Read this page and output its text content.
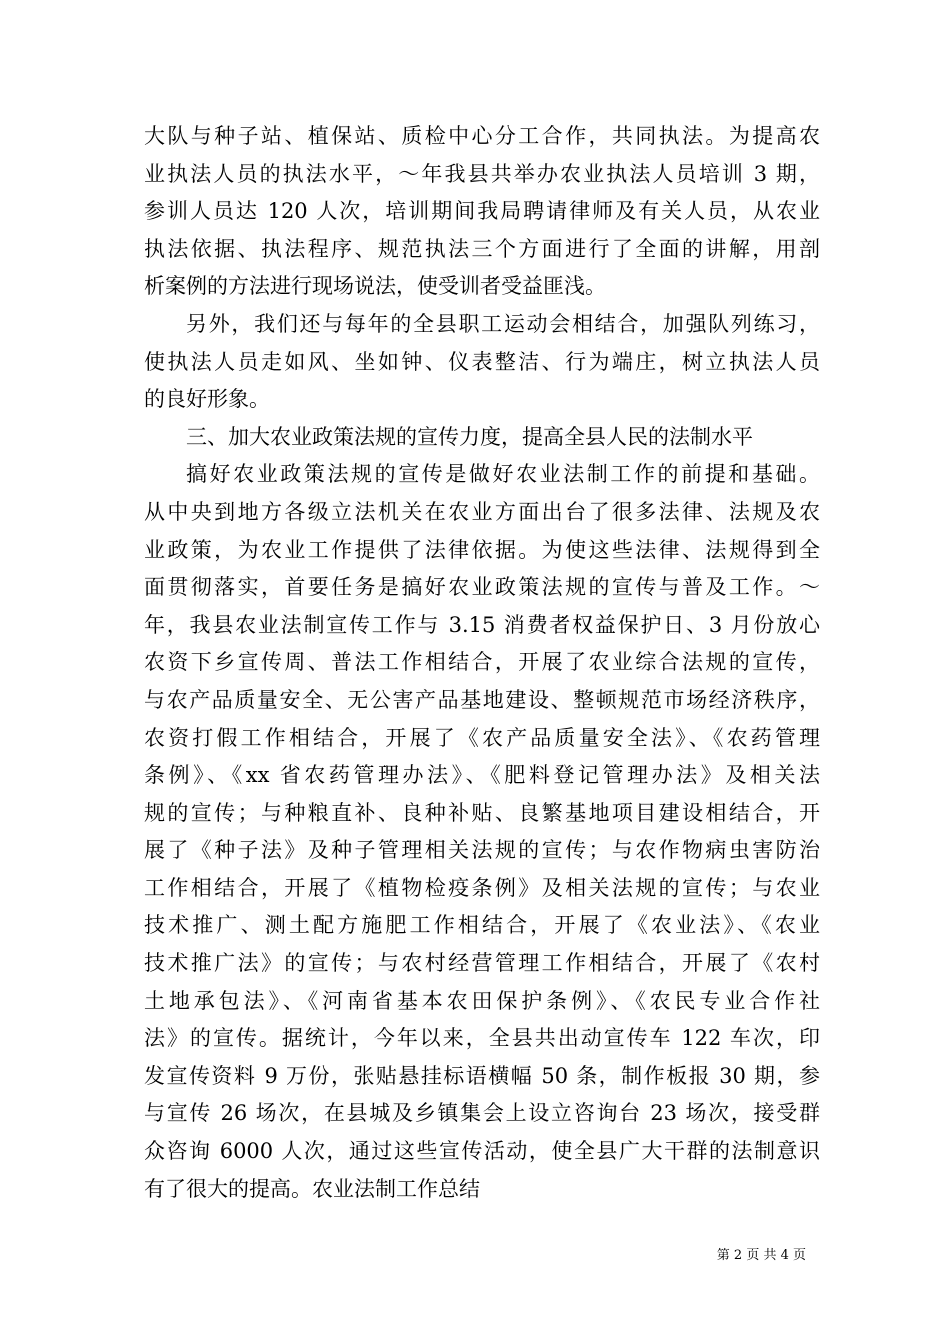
大队与种子站、植保站、质检中心分工合作，共同执法。为提高农
业执法人员的执法水平，～年我县共举办农业执法人员培训 3 期，
参训人员达 120 人次，培训期间我局聘请律师及有关人员，从农业
执法依据、执法程序、规范执法三个方面进行了全面的讲解，用剖
析案例的方法进行现场说法，使受训者受益匪浅。
另外，我们还与每年的全县职工运动会相结合，加强队列练习，
使执法人员走如风、坐如钟、仪表整洁、行为端庄，树立执法人员
的良好形象。
三、加大农业政策法规的宣传力度，提高全县人民的法制水平
搞好农业政策法规的宣传是做好农业法制工作的前提和基础。
从中央到地方各级立法机关在农业方面出台了很多法律、法规及农
业政策，为农业工作提供了法律依据。为使这些法律、法规得到全
面贯彻落实，首要任务是搞好农业政策法规的宣传与普及工作。～
年，我县农业法制宣传工作与 3.15 消费者权益保护日、3 月份放心
农资下乡宣传周、普法工作相结合，开展了农业综合法规的宣传，
与农产品质量安全、无公害产品基地建设、整顿规范市场经济秩序，
农资打假工作相结合，开展了《农产品质量安全法》、《农药管理
条例》、《xx 省农药管理办法》、《肥料登记管理办法》及相关法
规的宣传；与种粮直补、良种补贴、良繁基地项目建设相结合，开
展了《种子法》及种子管理相关法规的宣传；与农作物病虫害防治
工作相结合，开展了《植物检疫条例》及相关法规的宣传；与农业
技术推广、测土配方施肥工作相结合，开展了《农业法》、《农业
技术推广法》的宣传；与农村经营管理工作相结合，开展了《农村
土地承包法》、《河南省基本农田保护条例》、《农民专业合作社
法》的宣传。据统计，今年以来，全县共出动宣传车 122 车次，印
发宣传资料 9 万份，张贴悬挂标语横幅 50 条，制作板报 30 期，参
与宣传 26 场次，在县城及乡镇集会上设立咨询台 23 场次，接受群
众咨询 6000 人次，通过这些宣传活动，使全县广大干群的法制意识
有了很大的提高。农业法制工作总结
第 2 页 共 4 页
